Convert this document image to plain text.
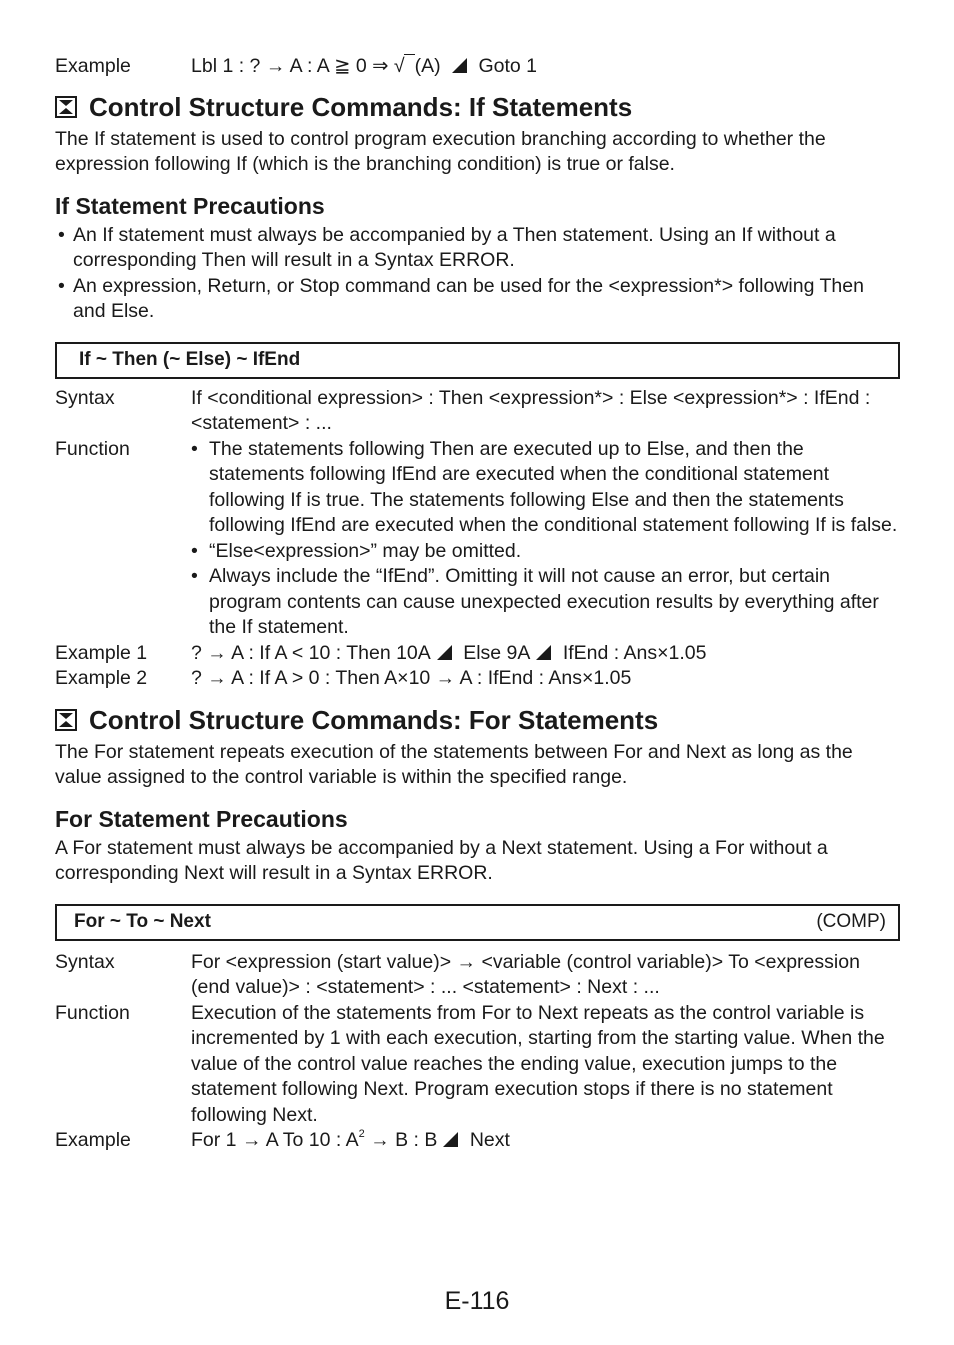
Example	Lbl 1 : ? → A : A ≧ 0 ⇒ √ (A)  Goto 1
Control Structure Commands: If Statements

The If statement is used to control program execution branching according to whether the expression following If (which is the branching condition) is true or false.

If Statement Precautions
• An If statement must always be accompanied by a Then statement. Using an If without a corresponding Then will result in a Syntax ERROR.
• An expression, Return, or Stop command can be used for the <expression*> following Then and Else.
If ~ Then (~ Else) ~ IfEnd
Syntax	If <conditional expression> : Then <expression*> : Else <expression*> : IfEnd : <statement> : ...
Function
•	The statements following Then are executed up to Else, and then the statements following IfEnd are executed when the conditional statement following If is true. The statements following Else and then the statements following IfEnd are executed when the conditional statement following If is false.
• “Else<expression>” may be omitted.
• Always include the “IfEnd”. Omitting it will not cause an error, but certain program contents can cause unexpected execution results by everything after the If statement.
Example 1	? → A : If A < 10 : Then 10A Else 9A IfEnd : Ans×1.05
Example 2	? → A : If A > 0 : Then A×10 → A : IfEnd : Ans×1.05
Control Structure Commands: For Statements

The For statement repeats execution of the statements between For and Next as long as the value assigned to the control variable is within the specified range.

For Statement Precautions

A For statement must always be accompanied by a Next statement. Using a For without a corresponding Next will result in a Syntax ERROR.

For ~ To ~ Next	(COMP)
Syntax	For <expression (start value)> → <variable (control variable)> To <expression (end value)> : <statement> : ... <statement> : Next : ...
Function	Execution of the statements from For to Next repeats as the control variable is incremented by 1 with each execution, starting from the starting value. When the value of the control value reaches the ending value, execution jumps to the statement following Next. Program execution stops if there is no statement following Next.
Example	For 1 → A To 10 : $A^2 \to B$ : B Next
E-116
